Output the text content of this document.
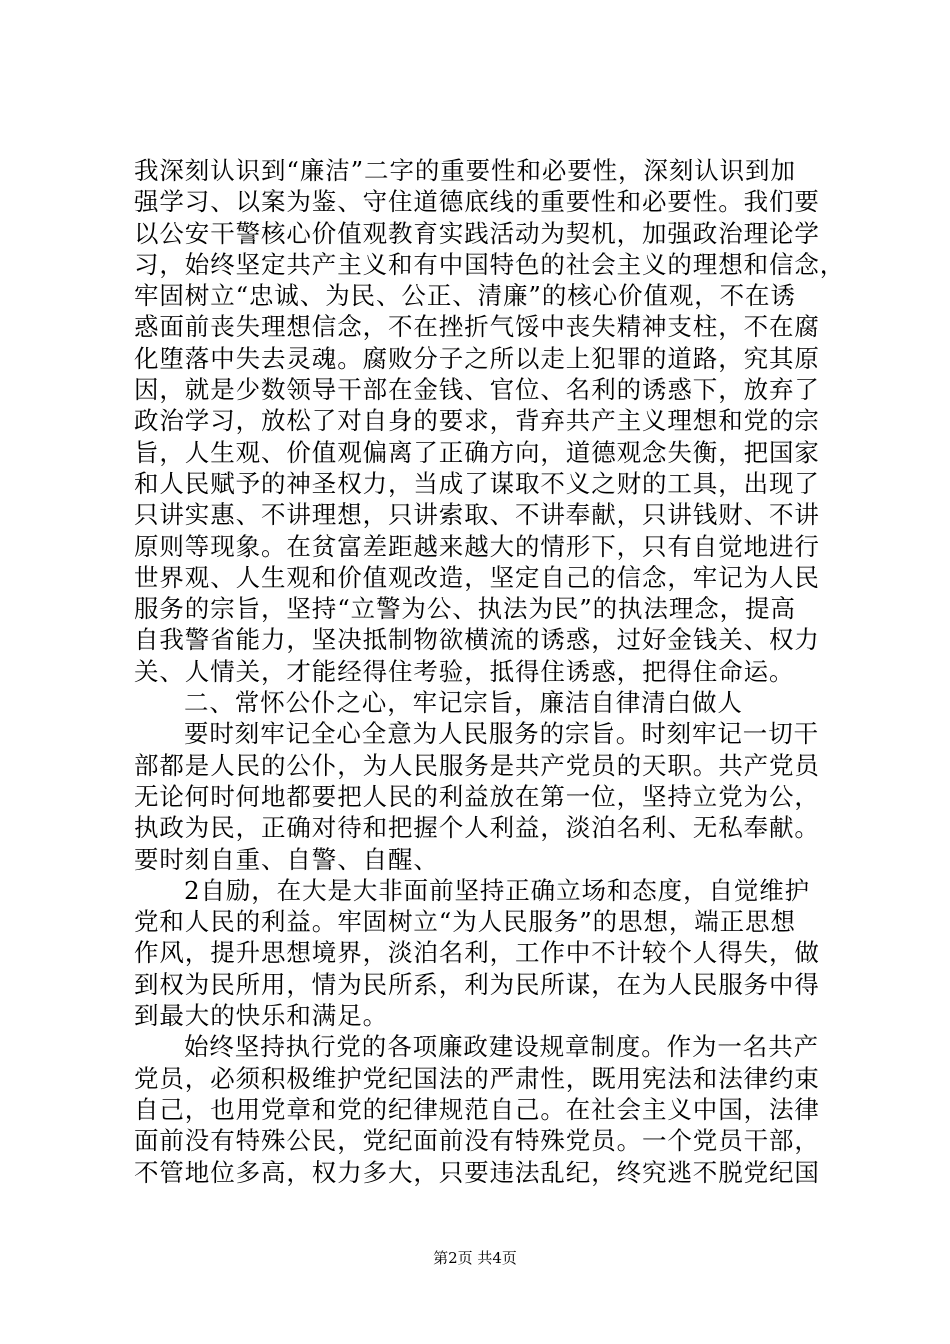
我深刻认识到“廉洁”二字的重要性和必要性，深刻认识到加
强学习、以案为鉴、守住道德底线的重要性和必要性。我们要
以公安干警核心价值观教育实践活动为契机，加强政治理论学
习，始终坚定共产主义和有中国特色的社会主义的理想和信念，
牢固树立“忠诚、为民、公正、清廉”的核心价值观，不在诱
惑面前丧失理想信念，不在挫折气馁中丧失精神支柱，不在腐
化堕落中失去灵魂。腐败分子之所以走上犯罪的道路，究其原
因，就是少数领导干部在金钱、官位、名利的诱惑下，放弃了
政治学习，放松了对自身的要求，背弃共产主义理想和党的宗
旨，人生观、价值观偏离了正确方向，道德观念失衡，把国家
和人民赋予的神圣权力，当成了谋取不义之财的工具，出现了
只讲实惠、不讲理想，只讲索取、不讲奉献，只讲钱财、不讲
原则等现象。在贫富差距越来越大的情形下，只有自觉地进行
世界观、人生观和价值观改造，坚定自己的信念，牢记为人民
服务的宗旨，坚持“立警为公、执法为民”的执法理念，提高
自我警省能力，坚决抵制物欲横流的诱惑，过好金钱关、权力
关、人情关，才能经得住考验，抵得住诱惑，把得住命运。
二、常怀公仆之心，牢记宗旨，廉洁自律清白做人
要时刻牢记全心全意为人民服务的宗旨。时刻牢记一切干
部都是人民的公仆，为人民服务是共产党员的天职。共产党员
无论何时何地都要把人民的利益放在第一位，坚持立党为公，
执政为民，正确对待和把握个人利益，淡泊名利、无私奉献。
要时刻自重、自警、自醒、
2自励，在大是大非面前坚持正确立场和态度，自觉维护
党和人民的利益。牢固树立“为人民服务”的思想，端正思想
作风，提升思想境界，淡泊名利，工作中不计较个人得失，做
到权为民所用，情为民所系，利为民所谋，在为人民服务中得
到最大的快乐和满足。
始终坚持执行党的各项廉政建设规章制度。作为一名共产
党员，必须积极维护党纪国法的严肃性，既用宪法和法律约束
自己，也用党章和党的纪律规范自己。在社会主义中国，法律
面前没有特殊公民，党纪面前没有特殊党员。一个党员干部，
不管地位多高，权力多大，只要违法乱纪，终究逃不脱党纪国
第2页 共4页
